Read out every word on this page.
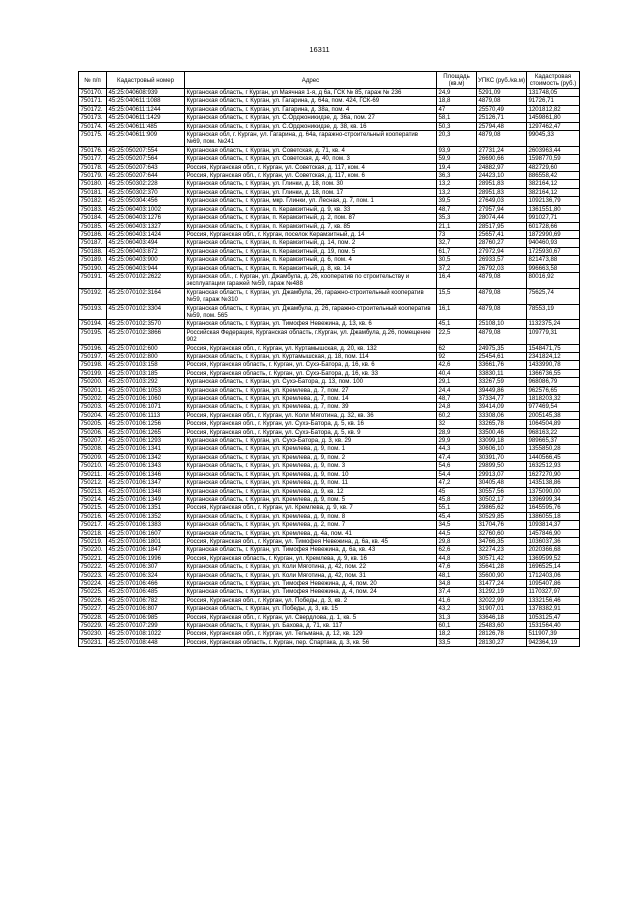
16311
№ п/п	Кадастровый номер	Адрес	Площадь (кв.м)	УПКС (руб./кв.м)	Кадастровая стоимость (руб.)
750170.	45:25:040608:939	Курганская область, г Курган, ул Маячная 1-я, д 6а, ГСК № 85, гараж № 236	24,9	5291,09	131748,05
750171.	45:25:040611:1088	Курганская область, г. Курган, ул. Гагарина, д. 64а, пом. 424, ГСК-69	18,8	4879,08	91726,71
750172.	45:25:040611:1244	Курганская область, г. Курган, ул. Гагарина, д. 38а, пом. 4	47	25570,49	1201812,82
750173.	45:25:040611:1429	Курганская область, г. Курган, ул. С.Орджоникидзе, д. 36а, пом. 27	58,1	25126,71	1459861,80
750174.	45:25:040611:485	Курганская область, г. Курган, ул. С.Орджоникидзе, д. 38, кв. 16	50,3	25794,48	1297462,47
750175.	45:25:040611:909	Курганская обл, г. Курган, ул. Гагарина, д. 64а, гаражно-строительный кооператив №69, пом. №241	20,3	4879,08	99045,33
750176.	45:25:050207:554	Курганская область, г. Курган, ул. Советская, д. 71, кв. 4	93,9	27731,24	2603963,44
750177.	45:25:050207:564	Курганская область, г. Курган, ул. Советская, д. 40, пом. 3	59,9	26690,66	1598770,59
750178.	45:25:050207:643	Россия, Курганская обл., г. Курган, ул. Советская, д. 117, ком. 4	19,4	24882,97	482729,60
750179.	45:25:050207:644	Россия, Курганская обл., г. Курган, ул. Советская, д. 117, ком. 6	36,3	24423,10	886558,42
750180.	45:25:050302:228	Курганская область, г. Курган, ул. Глинки, д. 18, пом. 30	13,2	28951,83	382164,12
750181.	45:25:050302:370	Курганская область, г. Курган, ул. Глинки, д. 18, пом. 17	13,2	28951,83	382164,12
750182.	45:25:050304:456	Курганская область, г. Курган, мкр. Глинки, ул. Лесная, д. 7, пом. 1	39,5	27649,03	1092136,79
750183.	45:25:060403:1002	Курганская область, г. Курган, п. Керамзитный, д. 9, кв. 33	48,7	27957,94	1361551,80
750184.	45:25:060403:1276	Курганская область, г. Курган, п. Керамзитный, д. 2, пом. 87	35,3	28074,44	991027,71
750185.	45:25:060403:1327	Курганская область, г. Курган, п. Керамзитный, д. 7, кв. 85	21,1	28517,95	601728,66
750186.	45:25:060403:1424	Россия, Курганская обл., г. Курган, поселок Керамзитный, д. 14	73	25657,41	1872990,69
750187.	45:25:060403:494	Курганская область, г. Курган, п. Керамзитный, д. 14, пом. 2	32,7	28760,27	940460,93
750188.	45:25:060403:872	Курганская область, г. Курган, п. Керамзитный, д. 19, пом. 5	61,7	27972,94	1725930,67
750189.	45:25:060403:900	Курганская область, г. Курган, п. Керамзитный, д. 6, пом. 4	30,5	26933,57	821473,88
750190.	45:25:060403:944	Курганская область, г. Курган, п. Керамзитный, д. 8, кв. 14	37,2	26792,03	996663,58
750191.	45:25:070102:2622	Курганская обл., г. Курган, ул. Джамбула, д. 26, кооператив по строительству и эксплуатации гаражей №59, гараж №488	16,4	4879,08	80016,92
750192.	45:25:070102:3164	Курганская область, г. Курган, ул. Джамбула, 26, гаражно-строительный кооператив №59, гараж №310	15,5	4879,08	75625,74
750193.	45:25:070102:3304	Курганская область, г. Курган, ул. Джамбула, д. 26, гаражно-строительный кооператив №59, пом. 565	16,1	4879,08	78553,19
750194.	45:25:070102:3570	Курганская область, г. Курган, ул. Тимофея Невежина, д. 13, кв. 6	45,1	25108,10	1132375,24
750195.	45:25:070102:3866	Российская Федерация, Курганская область, г.Курган, ул. Джамбула, д.26, помещение 902	22,5	4879,08	109779,31
750196.	45:25:070102:600	Россия, Курганская обл., г. Курган, ул. Куртамышская, д. 20, кв. 132	62	24975,35	1548471,75
750197.	45:25:070102:800	Курганская область, г. Курган, ул. Куртамышская, д. 18, пом. 114	92	25454,61	2341824,12
750198.	45:25:070103:158	Россия, Курганская область, г. Курган, ул. Сухэ-Батора, д. 16, кв. 6	42,6	33661,76	1433990,78
750199.	45:25:070103:185	Россия, Курганская область, г. Курган, ул. Сухэ-Батора, д. 16, кв. 33	40,4	33830,11	1366736,55
750200.	45:25:070103:292	Курганская область, г. Курган, ул. Сухэ-Батора, д. 13, пом. 100	29,1	33267,59	968086,79
750201.	45:25:070106:1053	Курганская область, г. Курган, ул. Кремлева, д. 7, пом. 27	24,4	39449,86	962576,65
750202.	45:25:070106:1060	Курганская область, г. Курган, ул. Кремлева, д. 7, пом. 14	48,7	37334,77	1818203,32
750203.	45:25:070106:1071	Курганская область, г. Курган, ул. Кремлева, д. 7, пом. 39	24,8	39414,09	977469,54
750204.	45:25:070106:1113	Россия, Курганская обл., г. Курган, ул. Коли Мяготина, д. 32, кв. 36	60,2	33308,06	2005145,38
750205.	45:25:070106:1256	Россия, Курганская обл., г. Курган, ул. Сухэ-Батора, д. 5, кв. 16	32	33265,78	1064504,89
750206.	45:25:070106:1265	Россия, Курганская обл., г. Курган, ул. Сухэ-Батора, д. 5, кв. 9	28,9	33500,46	968163,22
750207.	45:25:070106:1293	Курганская область, г. Курган, ул. Сухэ-Батора, д. 3, кв. 29	29,9	33099,18	989665,37
750208.	45:25:070106:1341	Курганская область, г. Курган, ул. Кремлева, д. 9, пом. 1	44,3	30606,10	1355850,28
750209.	45:25:070106:1342	Курганская область, г. Курган, ул. Кремлева, д. 9, пом. 2	47,4	30391,70	1440566,45
750210.	45:25:070106:1343	Курганская область, г. Курган, ул. Кремлева, д. 9, пом. 3	54,6	29899,50	1632512,93
750211.	45:25:070106:1346	Курганская область, г. Курган, ул. Кремлева, д. 9, пом. 10	54,4	29913,07	1627270,90
750212.	45:25:070106:1347	Курганская область, г. Курган, ул. Кремлева, д. 9, пом. 11	47,2	30405,48	1435138,86
750213.	45:25:070106:1348	Курганская область, г. Курган, ул. Кремлева, д. 9, кв. 12	45	30557,56	1375090,00
750214.	45:25:070106:1349	Курганская область, г. Курган, ул. Кремлева, д. 9, пом. 5	45,8	30502,17	1396999,34
750215.	45:25:070106:1351	Россия, Курганская обл., г. Курган, ул. Кремлева, д. 9, кв. 7	55,1	29865,62	1645595,76
750216.	45:25:070106:1352	Курганская область, г. Курган, ул. Кремлева, д. 9, пом. 8	45,4	30529,85	1386055,18
750217.	45:25:070106:1383	Курганская область, г. Курган, ул. Кремлева, д. 2, пом. 7	34,5	31704,76	1093814,37
750218.	45:25:070106:1607	Курганская область, г. Курган, ул. Кремлева, д. 4а, пом. 41	44,5	32760,60	1457846,90
750219.	45:25:070106:1801	Россия, Курганская обл., г. Курган, ул. Тимофея Невежина, д. 6а, кв. 45	29,8	34766,35	1036037,36
750220.	45:25:070106:1847	Курганская область, г. Курган, ул. Тимофея Невежина, д. 6а, кв. 43	62,6	32274,23	2020366,68
750221.	45:25:070106:1996	Россия, Курганская область, г. Курган, ул. Кремлева, д. 9, кв. 16	44,8	30571,42	1369599,52
750222.	45:25:070106:307	Курганская область, г. Курган, ул. Коли Мяготина, д. 42, пом. 22	47,6	35641,28	1696525,14
750223.	45:25:070106:324	Курганская область, г. Курган, ул. Коли Мяготина, д. 42, пом. 31	48,1	35600,90	1712403,06
750224.	45:25:070106:466	Курганская область, г. Курган, ул. Тимофея Невежина, д. 4, пом. 20	34,8	31477,24	1095407,86
750225.	45:25:070106:485	Курганская область, г. Курган, ул. Тимофея Невежина, д. 4, пом. 24	37,4	31292,19	1170327,97
750226.	45:25:070106:782	Россия, Курганская обл., г. Курган, ул. Победы, д. 3, кв. 2	41,6	32022,99	1332156,46
750227.	45:25:070106:807	Курганская область, г. Курган, ул. Победы, д. 3, кв. 15	43,2	31907,01	1378382,91
750228.	45:25:070106:985	Россия, Курганская обл., г. Курган, ул. Свердлова, д. 1, кв. 5	31,3	33646,18	1053125,47
750229.	45:25:070107:299	Курганская область, г. Курган, ул. Бахова, д. 71, кв. 117	60,1	25483,60	1531564,40
750230.	45:25:070108:1022	Россия, Курганская обл., г. Курган, ул. Тельмана, д. 12, кв. 129	18,2	28126,78	511907,39
750231.	45:25:070108:448	Россия, Курганская область, г. Курган, пер. Спартака, д. 3, кв. 56	33,5	28130,27	942364,19
